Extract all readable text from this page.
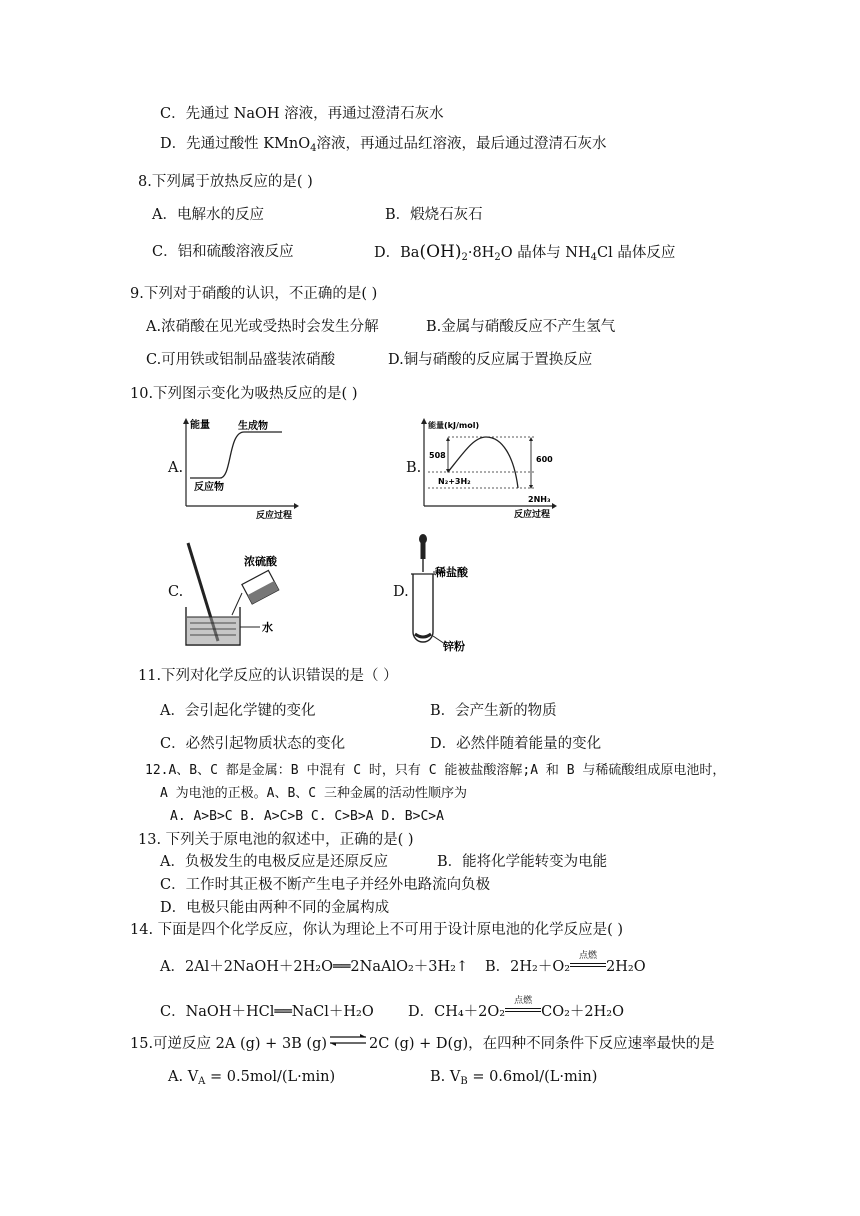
C．先通过 NaOH 溶液，再通过澄清石灰水
D．先通过酸性 KMnO$_4$溶液，再通过品红溶液，最后通过澄清石灰水
8.下列属于放热反应的是( )
A．电解水的反应	B．煅烧石灰石
C．铝和硫酸溶液反应	D．$Ba(OH)_2\cdot 8H_2O$ 晶体与 $NH_4Cl$ 晶体反应
9.下列对于硝酸的认识，不正确的是( )
A.浓硝酸在见光或受热时会发生分解	B.金属与硝酸反应不产生氢气
C.可用铁或铝制品盛装浓硝酸	D.铜与硝酸的反应属于置换反应
10.下列图示变化为吸热反应的是( )
A.	B.
C.	D.
能量	生成物
反应物
反应过程
能量(kJ/mol)
508	600
N₂+3H₂
2NH₃
反应过程
浓硫酸
水
稀盐酸
锌粉
11.下列对化学反应的认识错误的是（ ）
A．会引起化学键的变化	B．会产生新的物质
C．必然引起物质状态的变化	D．必然伴随着能量的变化
12.A、B、C 都是金属：B 中混有 C 时，只有 C 能被盐酸溶解;A 和 B 与稀硫酸组成原电池时，
A 为电池的正极。A、B、C 三种金属的活动性顺序为
A. A>B>C B. A>C>B C. C>B>A D. B>C>A
13. 下列关于原电池的叙述中，正确的是( )
A．负极发生的电极反应是还原反应	B．能将化学能转变为电能
C．工作时其正极不断产生电子并经外电路流向负极
D．电极只能由两种不同的金属构成
14. 下面是四个化学反应，你认为理论上不可用于设计原电池的化学反应是( )
A．2Al＋2NaOH＋2H₂O══2NaAlO₂＋3H₂↑ B．2H₂＋O₂
点燃
2H₂O
C．NaOH＋HCl══NaCl＋H₂O D．CH₄＋2O₂
点燃
CO₂＋2H₂O
15.可逆反应 2A (g) + 3B (g)⇌2C (g) + D(g)，在四种不同条件下反应速率最快的是
A. $V_A = 0.5mol/(L\cdot\min)$	B. $V_B = 0.6mol/(L\cdot\min)$
